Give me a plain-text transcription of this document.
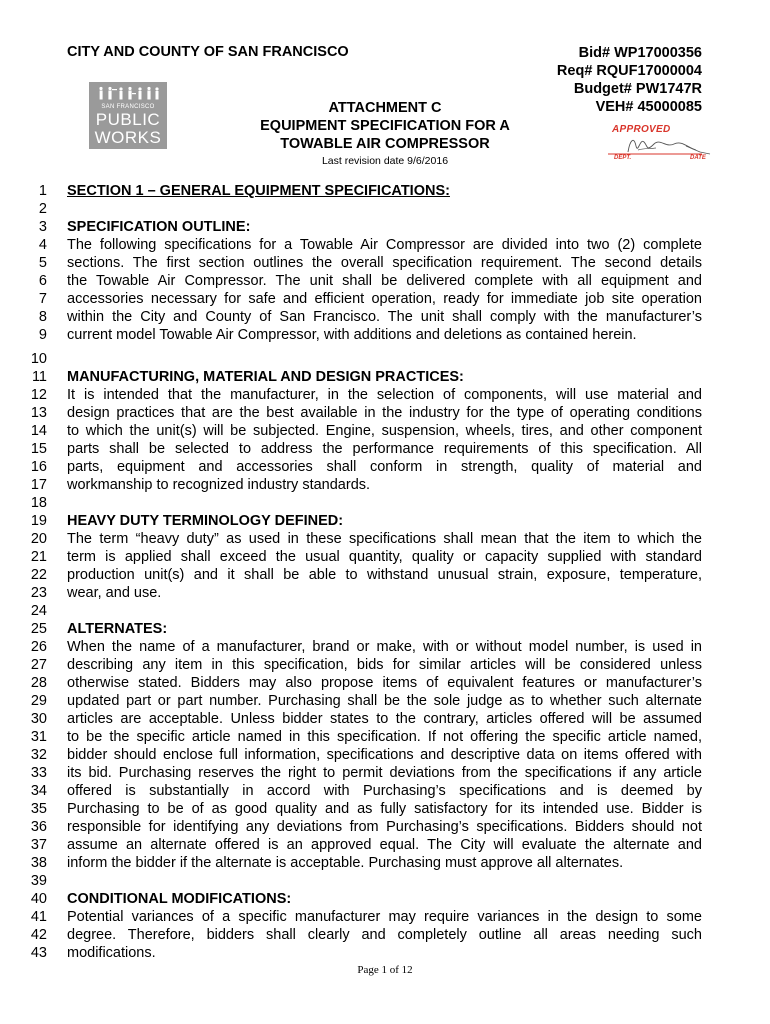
CITY AND COUNTY OF SAN FRANCISCO	Bid# WP17000356
Req# RQUF17000004
Budget# PW1747R
VEH# 45000085
SAN FRANCISCO
PUBLIC
WORKS
ATTACHMENT C
EQUIPMENT SPECIFICATION FOR A
TOWABLE AIR COMPRESSOR
Last revision date 9/6/2016
APPROVED
DEPT.	DATE
1
2
3
4
5
6
7
8
9
10
11
12
13
14
15
16
17
18
19
20
21
22
23
24
25
26
27
28
29
30
31
32
33
34
35
36
37
38
39
40
41
42
43
SECTION 1 – GENERAL EQUIPMENT SPECIFICATIONS:
SPECIFICATION OUTLINE:
The following specifications for a Towable Air Compressor are divided into two (2) complete
sections. The first section outlines the overall specification requirement. The second details
the Towable Air Compressor. The unit shall be delivered complete with all equipment and
accessories necessary for safe and efficient operation, ready for immediate job site operation
within the City and County of San Francisco. The unit shall comply with the manufacturer’s
current model Towable Air Compressor, with additions and deletions as contained herein.
MANUFACTURING, MATERIAL AND DESIGN PRACTICES:
It is intended that the manufacturer, in the selection of components, will use material and
design practices that are the best available in the industry for the type of operating conditions
to which the unit(s) will be subjected. Engine, suspension, wheels, tires, and other component
parts shall be selected to address the performance requirements of this specification. All
parts, equipment and accessories shall conform in strength, quality of material and
workmanship to recognized industry standards.
HEAVY DUTY TERMINOLOGY DEFINED:
The term “heavy duty” as used in these specifications shall mean that the item to which the
term is applied shall exceed the usual quantity, quality or capacity supplied with standard
production unit(s) and it shall be able to withstand unusual strain, exposure, temperature,
wear, and use.
ALTERNATES:
When the name of a manufacturer, brand or make, with or without model number, is used in
describing any item in this specification, bids for similar articles will be considered unless
otherwise stated. Bidders may also propose items of equivalent features or manufacturer’s
updated part or part number. Purchasing shall be the sole judge as to whether such alternate
articles are acceptable. Unless bidder states to the contrary, articles offered will be assumed
to be the specific article named in this specification. If not offering the specific article named,
bidder should enclose full information, specifications and descriptive data on items offered with
its bid. Purchasing reserves the right to permit deviations from the specifications if any article
offered is substantially in accord with Purchasing’s specifications and is deemed by
Purchasing to be of as good quality and as fully satisfactory for its intended use. Bidder is
responsible for identifying any deviations from Purchasing’s specifications. Bidders should not
assume an alternate offered is an approved equal. The City will evaluate the alternate and
inform the bidder if the alternate is acceptable. Purchasing must approve all alternates.
CONDITIONAL MODIFICATIONS:
Potential variances of a specific manufacturer may require variances in the design to some
degree. Therefore, bidders shall clearly and completely outline all areas needing such
modifications.
Page 1 of 12
